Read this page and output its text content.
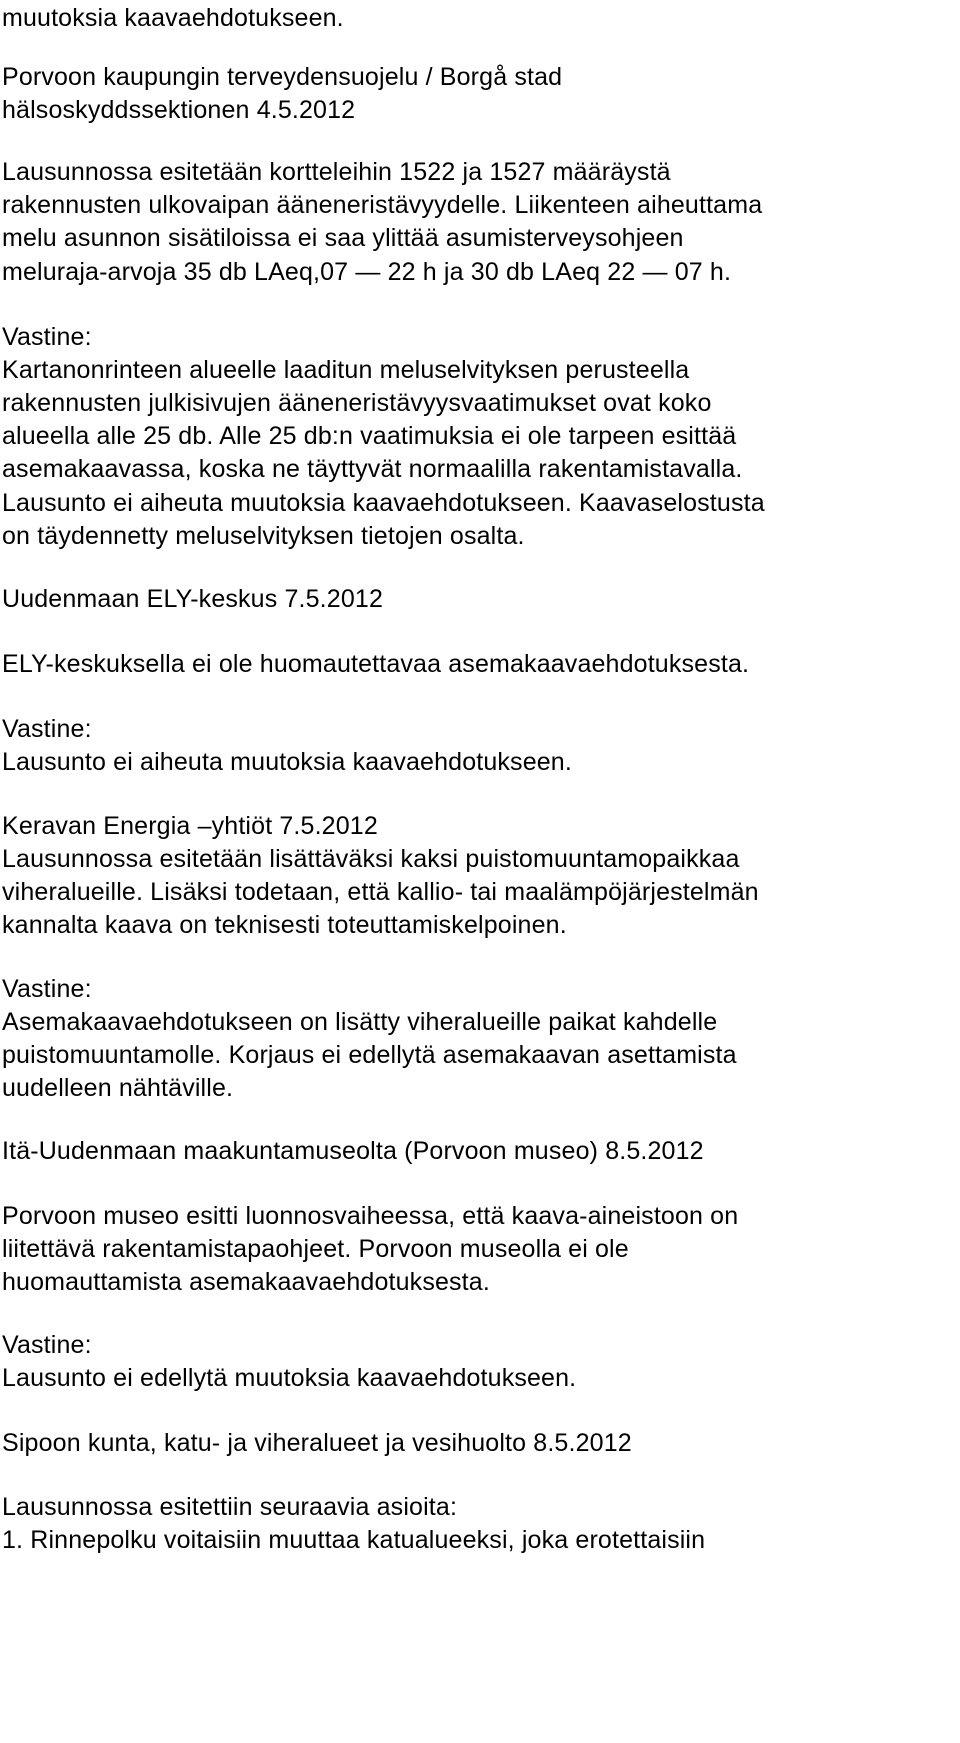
muutoksia kaavaehdotukseen.
Porvoon kaupungin terveydensuojelu / Borgå stad
hälsoskyddssektionen 4.5.2012
Lausunnossa esitetään kortteleihin 1522 ja 1527 määräystä
rakennusten ulkovaipan ääneneristävyydelle. Liikenteen aiheuttama
melu asunnon sisätiloissa ei saa ylittää asumisterveysohjeen
meluraja-arvoja 35 db LAeq,07 — 22 h ja 30 db LAeq 22 — 07 h.
Vastine:
Kartanonrinteen alueelle laaditun meluselvityksen perusteella
rakennusten julkisivujen ääneneristävyysvaatimukset ovat koko
alueella alle 25 db. Alle 25 db:n vaatimuksia ei ole tarpeen esittää
asemakaavassa, koska ne täyttyvät normaalilla rakentamistavalla.
Lausunto ei aiheuta muutoksia kaavaehdotukseen. Kaavaselostusta
on täydennetty meluselvityksen tietojen osalta.
Uudenmaan ELY-keskus 7.5.2012
ELY-keskuksella ei ole huomautettavaa asemakaavaehdotuksesta.
Vastine:
Lausunto ei aiheuta muutoksia kaavaehdotukseen.
Keravan Energia –yhtiöt 7.5.2012
Lausunnossa esitetään lisättäväksi kaksi puistomuuntamopaikkaa
viheralueille. Lisäksi todetaan, että kallio- tai maalämpöjärjestelmän
kannalta kaava on teknisesti toteuttamiskelpoinen.
Vastine:
Asemakaavaehdotukseen on lisätty viheralueille paikat kahdelle
puistomuuntamolle. Korjaus ei edellytä asemakaavan asettamista
uudelleen nähtäville.
Itä-Uudenmaan maakuntamuseolta (Porvoon museo) 8.5.2012
Porvoon museo esitti luonnosvaiheessa, että kaava-aineistoon on
liitettävä rakentamistapaohjeet. Porvoon museolla ei ole
huomauttamista asemakaavaehdotuksesta.
Vastine:
Lausunto ei edellytä muutoksia kaavaehdotukseen.
Sipoon kunta, katu- ja viheralueet ja vesihuolto 8.5.2012
Lausunnossa esitettiin seuraavia asioita:
1. Rinnepolku voitaisiin muuttaa katualueeksi, joka erotettaisiin
